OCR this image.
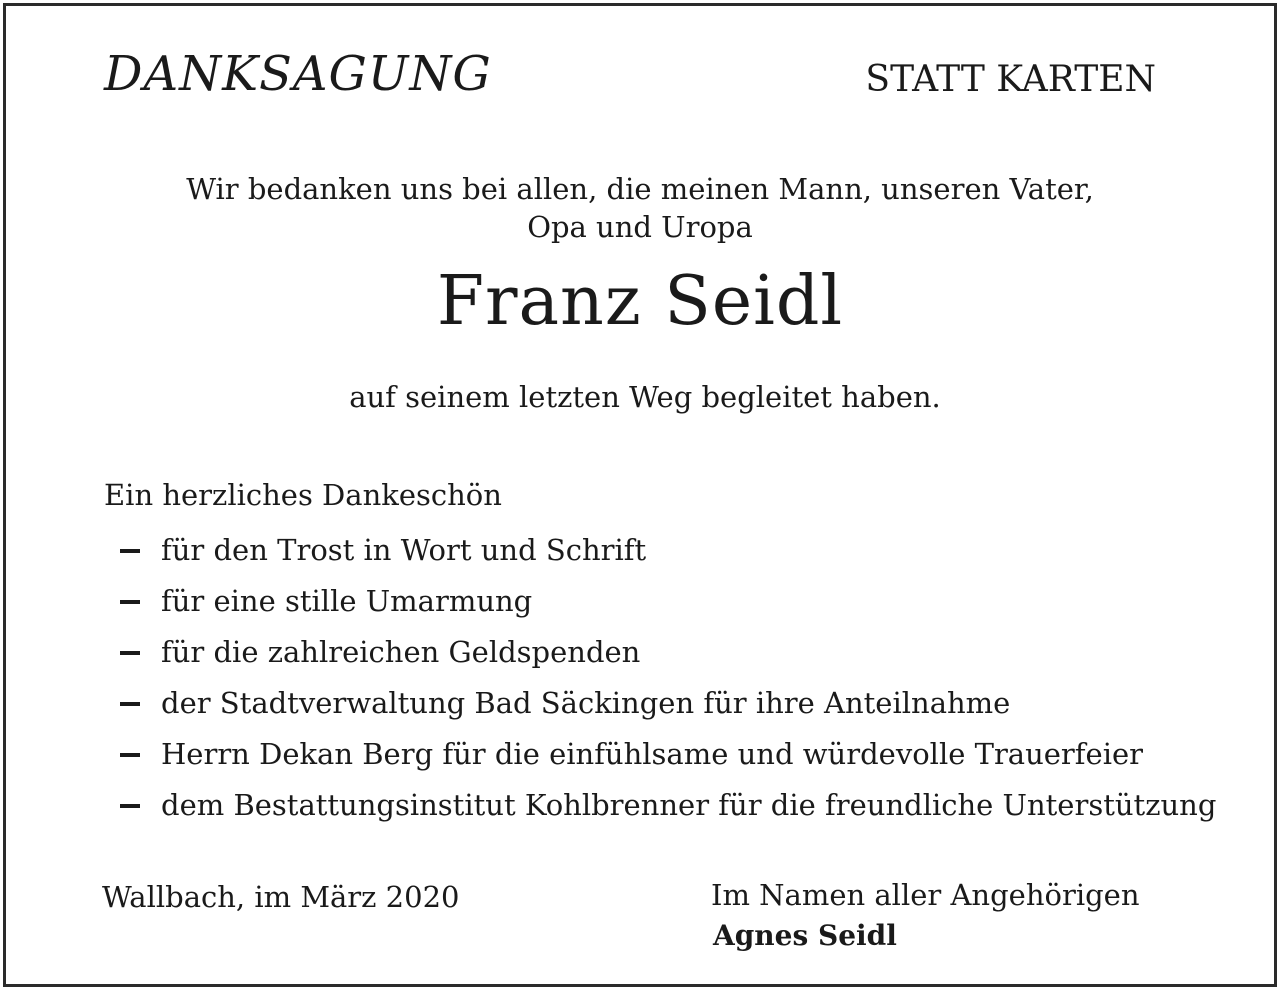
DANKSAGUNG	STATT KARTEN
Wir bedanken uns bei allen, die meinen Mann, unseren Vater,
Opa und Uropa
Franz Seidl
auf seinem letzten Weg begleitet haben.
Ein herzliches Dankeschön
für den Trost in Wort und Schrift
für eine stille Umarmung
für die zahlreichen Geldspenden
der Stadtverwaltung Bad Säckingen für ihre Anteilnahme
Herrn Dekan Berg für die einfühlsame und würdevolle Trauerfeier
dem Bestattungsinstitut Kohlbrenner für die freundliche Unterstützung
Wallbach, im März 2020	Im Namen aller Angehörigen
Agnes Seidl
